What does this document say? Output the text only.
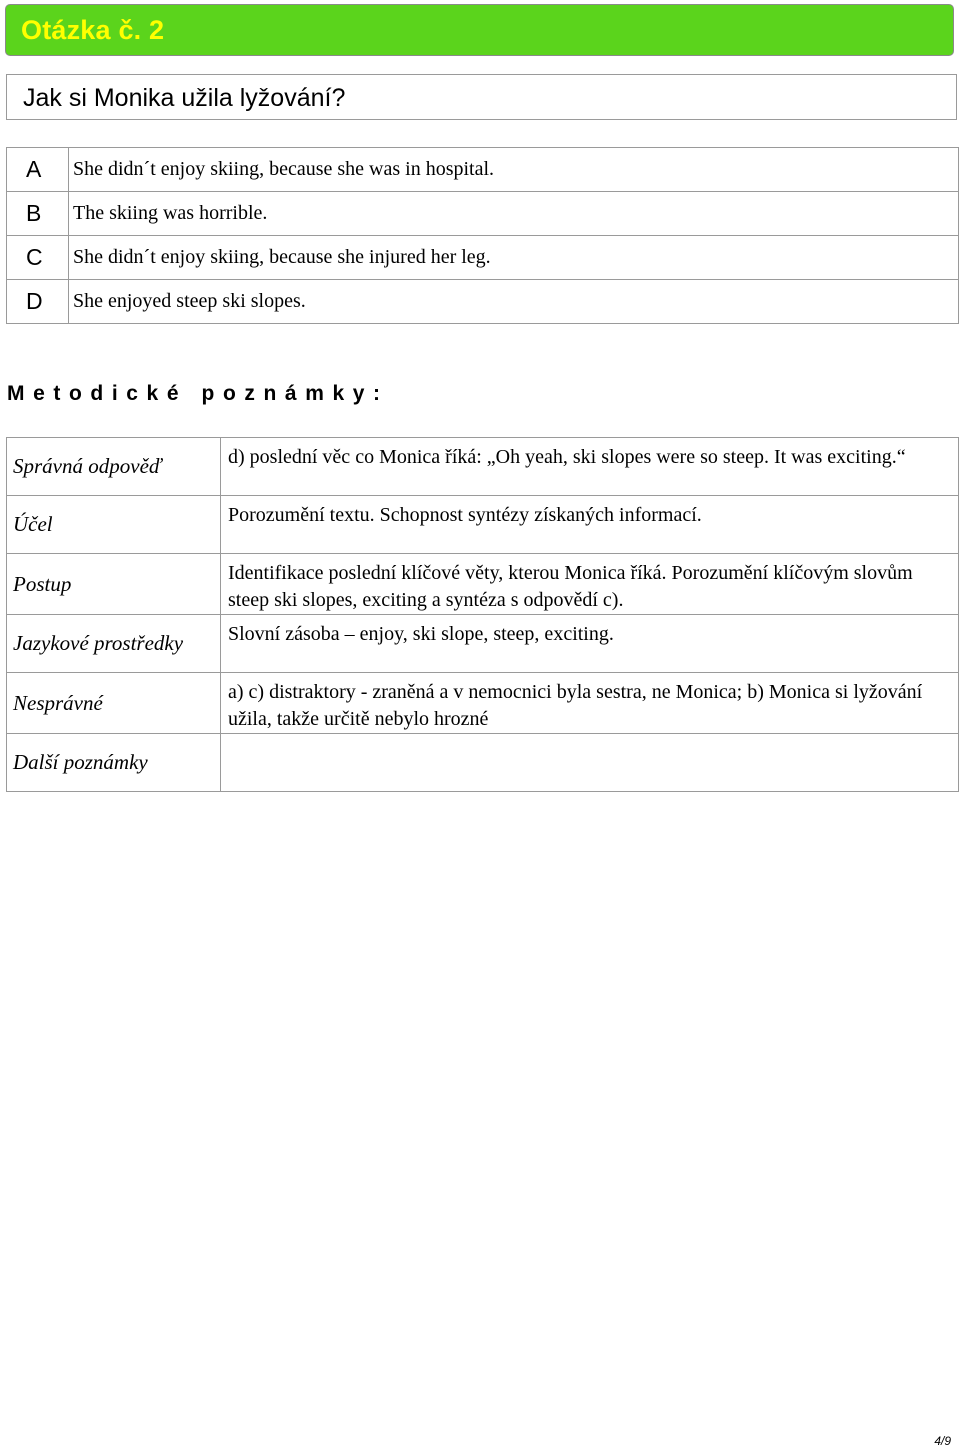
Otázka č. 2
Jak si Monika užila lyžování?
A	She didn´t enjoy skiing, because she was in hospital.
B	The skiing was horrible.
C	She didn´t enjoy skiing, because she injured her leg.
D	She enjoyed steep ski slopes.
Metodické poznámky:
Správná odpověď	d) poslední věc co Monica říká: „Oh yeah, ski slopes were so steep. It was exciting.“
Účel	Porozumění textu. Schopnost syntézy získaných informací.
Postup	Identifikace poslední klíčové věty, kterou Monica říká. Porozumění klíčovým slovům steep ski slopes, exciting a syntéza s odpovědí c).
Jazykové prostředky	Slovní zásoba – enjoy, ski slope, steep, exciting.
Nesprávné	a) c) distraktory - zraněná a v nemocnici byla sestra, ne Monica; b) Monica si lyžování užila, takže určitě nebylo hrozné
Další poznámky	
4/9
